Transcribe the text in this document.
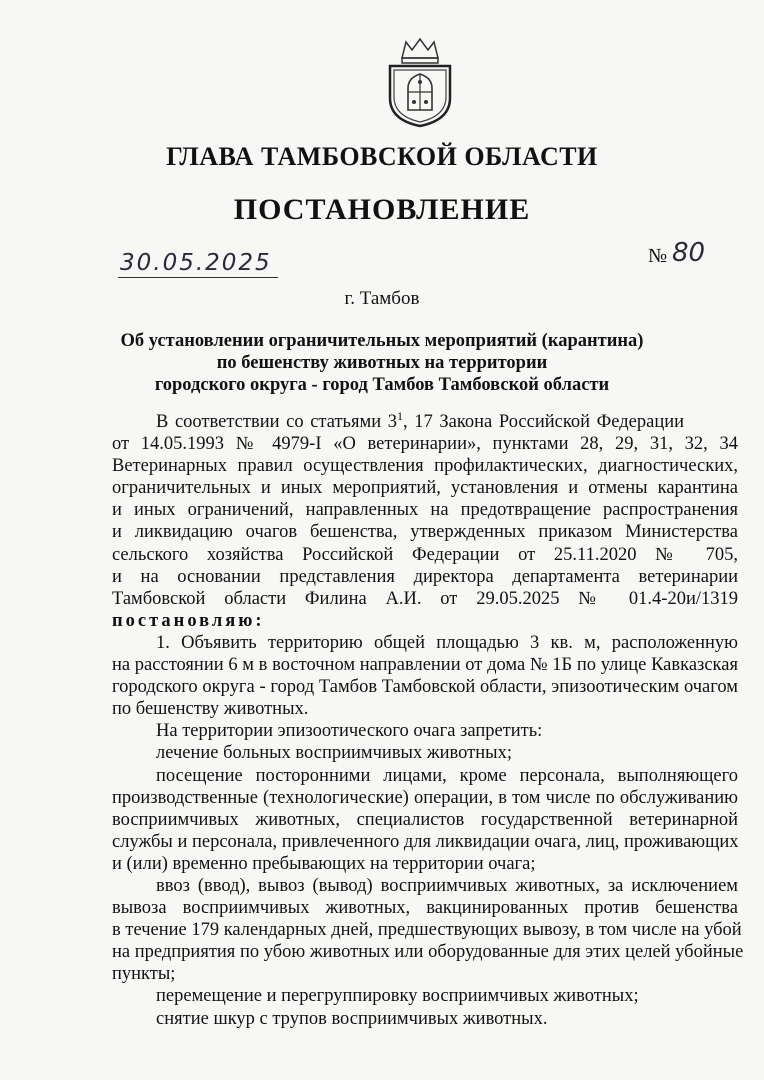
ГЛАВА ТАМБОВСКОЙ ОБЛАСТИ
ПОСТАНОВЛЕНИЕ
30.05.2025	№ 80
г. Тамбов
Об установлении ограничительных мероприятий (карантина)
по бешенству животных на территории
городского округа - город Тамбов Тамбовской области
В соответствии со статьями $3^1$, 17 Закона Российской Федерации
от 14.05.1993 № 4979-I «О ветеринарии», пунктами 28, 29, 31, 32, 34
Ветеринарных правил осуществления профилактических, диагностических,
ограничительных и иных мероприятий, установления и отмены карантина
и иных ограничений, направленных на предотвращение распространения
и ликвидацию очагов бешенства, утвержденных приказом Министерства
сельского хозяйства Российской Федерации от 25.11.2020 № 705,
и на основании представления директора департамента ветеринарии
Тамбовской области Филина А.И. от 29.05.2025 № 01.4-20и/1319
постановляю:
1. Объявить территорию общей площадью 3 кв. м, расположенную
на расстоянии 6 м в восточном направлении от дома № 1Б по улице Кавказская
городского округа - город Тамбов Тамбовской области, эпизоотическим очагом
по бешенству животных.
На территории эпизоотического очага запретить:
лечение больных восприимчивых животных;
посещение посторонними лицами, кроме персонала, выполняющего
производственные (технологические) операции, в том числе по обслуживанию
восприимчивых животных, специалистов государственной ветеринарной
службы и персонала, привлеченного для ликвидации очага, лиц, проживающих
и (или) временно пребывающих на территории очага;
ввоз (ввод), вывоз (вывод) восприимчивых животных, за исключением
вывоза восприимчивых животных, вакцинированных против бешенства
в течение 179 календарных дней, предшествующих вывозу, в том числе на убой
на предприятия по убою животных или оборудованные для этих целей убойные
пункты;
перемещение и перегруппировку восприимчивых животных;
снятие шкур с трупов восприимчивых животных.
